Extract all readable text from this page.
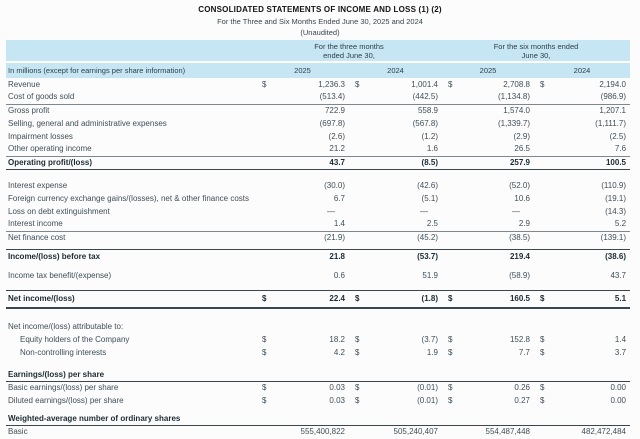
CONSOLIDATED STATEMENTS OF INCOME AND LOSS (1) (2)
For the Three and Six Months Ended June 30, 2025 and 2024
(Unaudited)

For the three months
ended June 30,

For the six months ended
June 30,

In millions (except for earnings per share information)	2025		2024		2025		2024	
Revenue	$	1,236.3	$	1,001.4	$	2,708.8	$	2,194.0
Cost of goods sold		(513.4)		(442.5)		(1,134.8)		(986.9)
Gross profit		722.9		558.9		1,574.0		1,207.1
Selling, general and administrative expenses		(697.8)		(567.8)		(1,339.7)		(1,111.7)
Impairment losses		(2.6)		(1.2)		(2.9)		(2.5)
Other operating income		21.2		1.6		26.5		7.6
Operating profit/(loss)		43.7		(8.5)		257.9		100.5

Interest expense		(30.0)		(42.6)		(52.0)		(110.9)
Foreign currency exchange gains/(losses), net & other finance costs		6.7		(5.1)		10.6		(19.1)
Loss on debt extinguishment		—		—		—		(14.3)
Interest income		1.4		2.5		2.9		5.2
Net finance cost		(21.9)		(45.2)		(38.5)		(139.1)

Income/(loss) before tax		21.8		(53.7)		219.4		(38.6)
Income tax benefit/(expense)		0.6		51.9		(58.9)		43.7
Net income/(loss)	$	22.4	$	(1.8)	$	160.5	$	5.1

Net income/(loss) attributable to:								
Equity holders of the Company	$	18.2	$	(3.7)	$	152.8	$	1.4
Non-controlling interests	$	4.2	$	1.9	$	7.7	$	3.7

Earnings/(loss) per share								
Basic earnings/(loss) per share	$	0.03	$	(0.01)	$	0.26	$	0.00
Diluted earnings/(loss) per share	$	0.03	$	(0.01)	$	0.27	$	0.00

Weighted-average number of ordinary shares								
Basic		555,400,822		505,240,407		554,487,448		482,472,484
